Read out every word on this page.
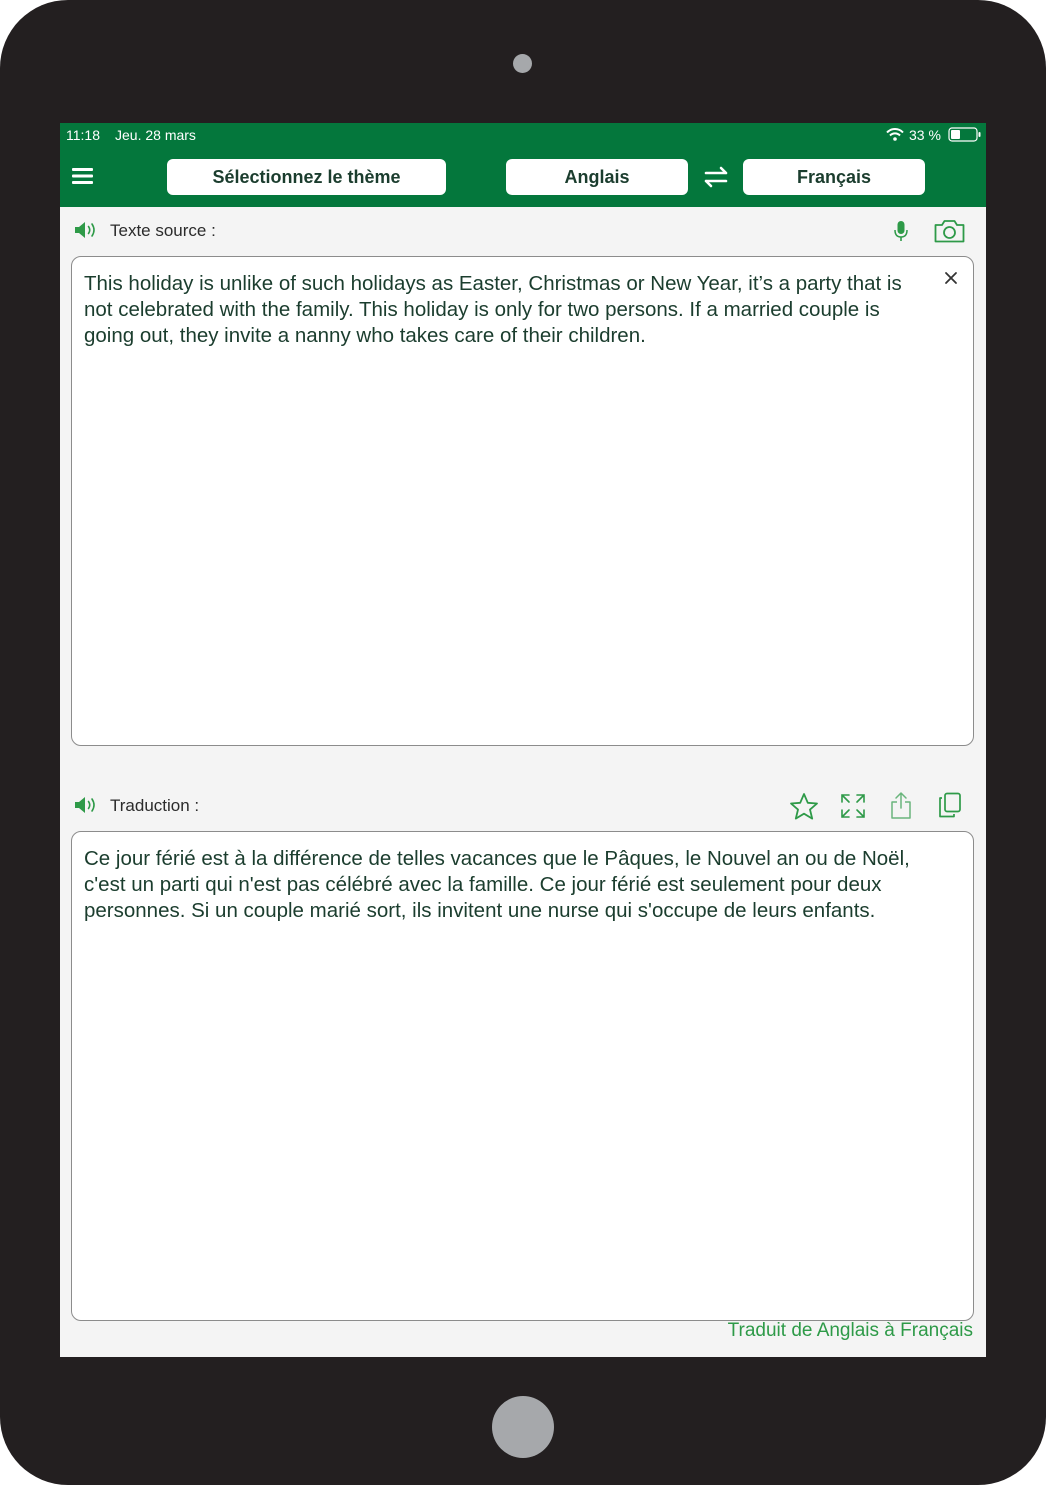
11:18 Jeu. 28 mars	33 %
Sélectionnez le thème	Anglais	Français
Texte source :
This holiday is unlike of such holidays as Easter, Christmas or New Year, it’s a party that is not celebrated with the family. This holiday is only for two persons. If a married couple is going out, they invite a nanny who takes care of their children.
Traduction :
Ce jour férié est à la différence de telles vacances que le Pâques, le Nouvel an ou de Noël, c'est un parti qui n'est pas célébré avec la famille. Ce jour férié est seulement pour deux personnes. Si un couple marié sort, ils invitent une nurse qui s'occupe de leurs enfants.
Traduit de Anglais à Français
